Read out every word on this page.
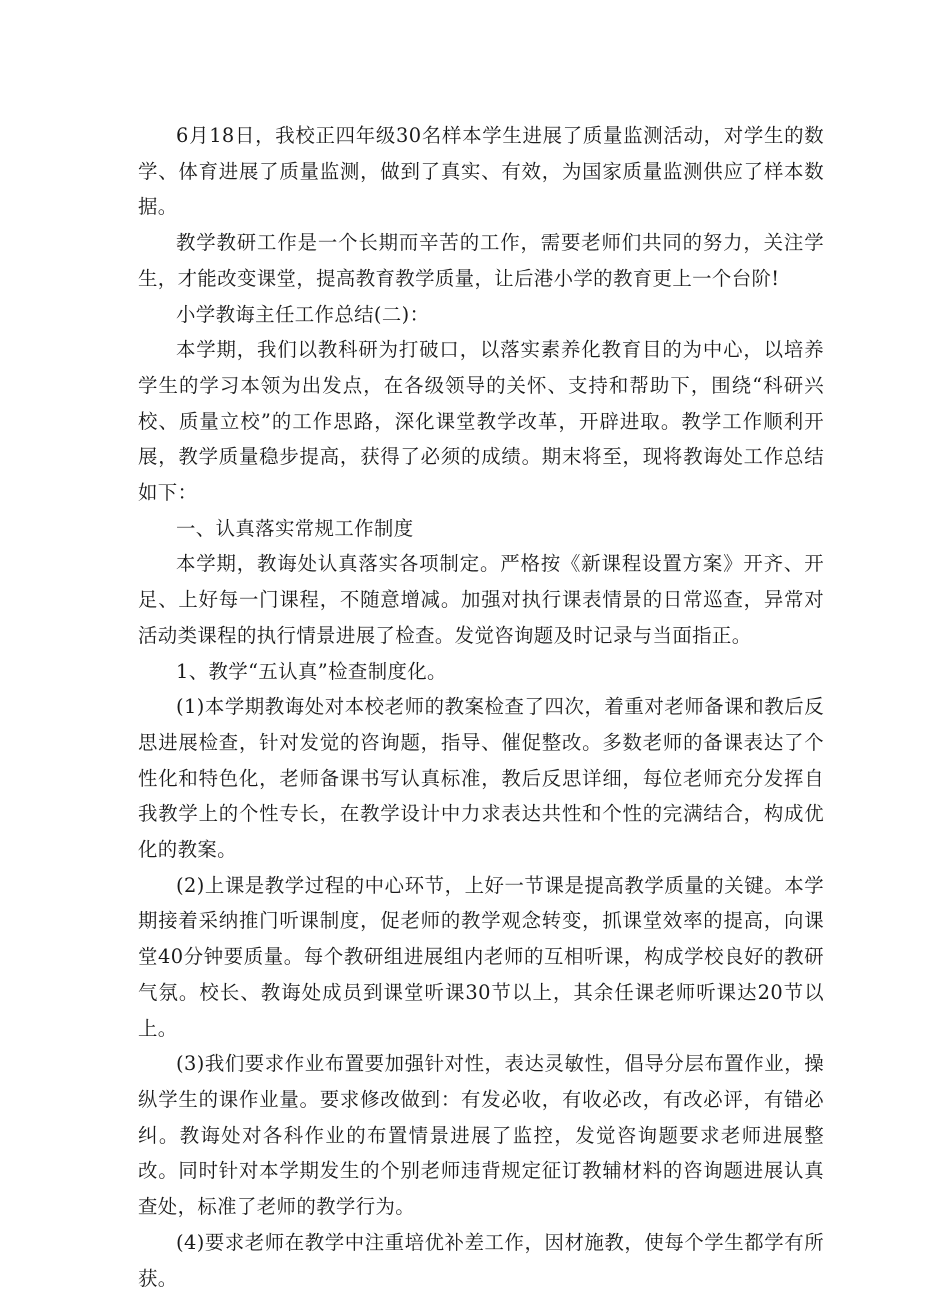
6月18日，我校正四年级30名样本学生进展了质量监测活动，对学生的数学、体育进展了质量监测，做到了真实、有效，为国家质量监测供应了样本数据。

教学教研工作是一个长期而辛苦的工作，需要老师们共同的努力，关注学生，才能改变课堂，提高教育教学质量，让后港小学的教育更上一个台阶!

小学教诲主任工作总结(二)：

本学期，我们以教科研为打破口，以落实素养化教育目的为中心，以培养学生的学习本领为出发点，在各级领导的关怀、支持和帮助下，围绕“科研兴校、质量立校”的工作思路，深化课堂教学改革，开辟进取。教学工作顺利开展，教学质量稳步提高，获得了必须的成绩。期末将至，现将教诲处工作总结如下：

一、认真落实常规工作制度

本学期，教诲处认真落实各项制定。严格按《新课程设置方案》开齐、开足、上好每一门课程，不随意增减。加强对执行课表情景的日常巡查，异常对活动类课程的执行情景进展了检查。发觉咨询题及时记录与当面指正。

1、教学“五认真”检查制度化。

(1)本学期教诲处对本校老师的教案检查了四次，着重对老师备课和教后反思进展检查，针对发觉的咨询题，指导、催促整改。多数老师的备课表达了个性化和特色化，老师备课书写认真标准，教后反思详细，每位老师充分发挥自我教学上的个性专长，在教学设计中力求表达共性和个性的完满结合，构成优化的教案。

(2)上课是教学过程的中心环节，上好一节课是提高教学质量的关键。本学期接着采纳推门听课制度，促老师的教学观念转变，抓课堂效率的提高，向课堂40分钟要质量。每个教研组进展组内老师的互相听课，构成学校良好的教研气氛。校长、教诲处成员到课堂听课30节以上，其余任课老师听课达20节以上。

(3)我们要求作业布置要加强针对性，表达灵敏性，倡导分层布置作业，操纵学生的课作业量。要求修改做到：有发必收，有收必改，有改必评，有错必纠。教诲处对各科作业的布置情景进展了监控，发觉咨询题要求老师进展整改。同时针对本学期发生的个别老师违背规定征订教辅材料的咨询题进展认真查处，标准了老师的教学行为。

(4)要求老师在教学中注重培优补差工作，因材施教，使每个学生都学有所获。
